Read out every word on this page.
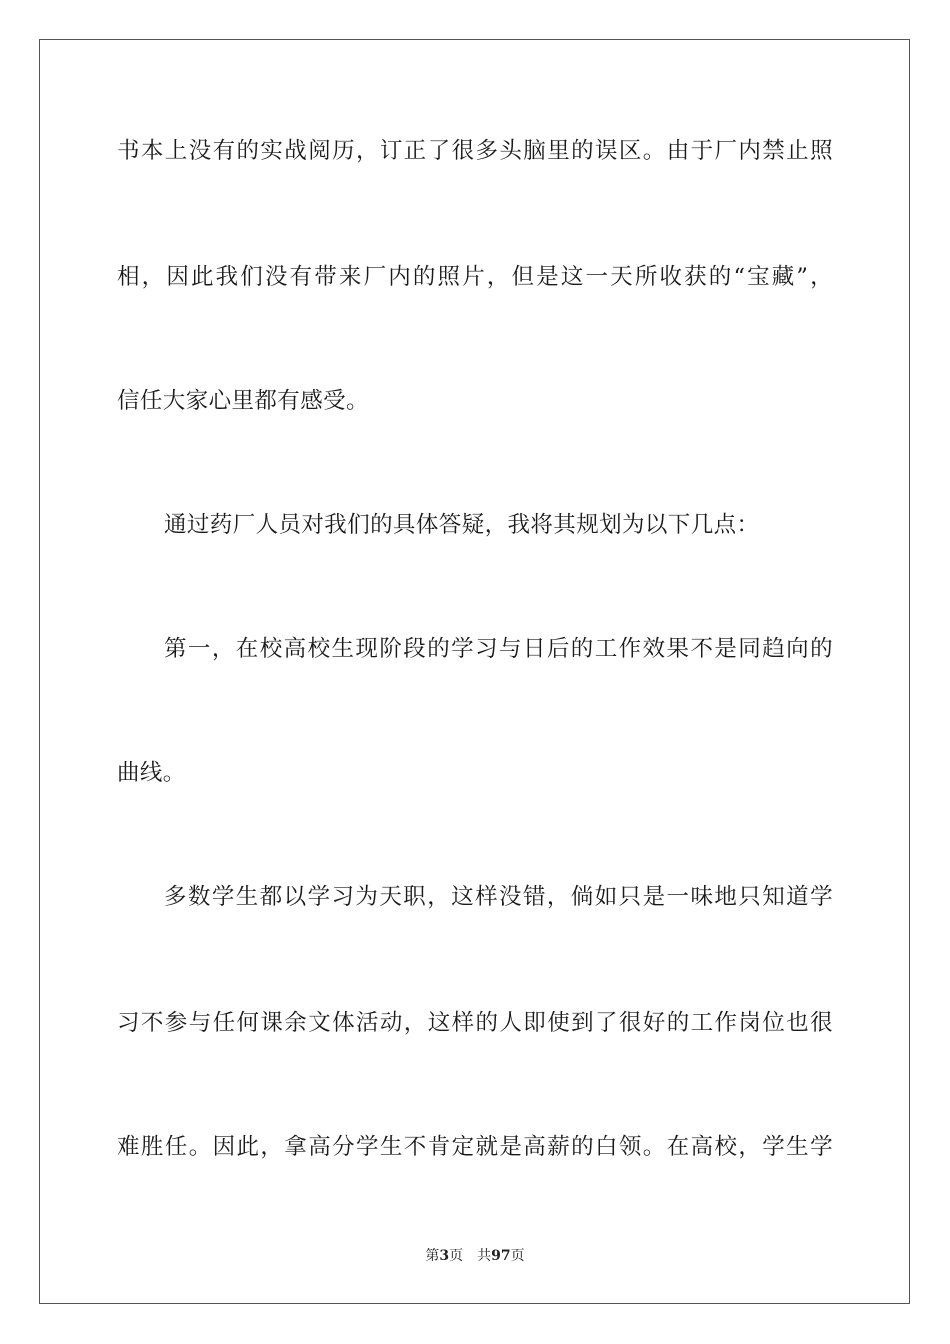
书本上没有的实战阅历，订正了很多头脑里的误区。由于厂内禁止照
相，因此我们没有带来厂内的照片，但是这一天所收获的“宝藏”，
信任大家心里都有感受。
通过药厂人员对我们的具体答疑，我将其规划为以下几点：
第一，在校高校生现阶段的学习与日后的工作效果不是同趋向的
曲线。
多数学生都以学习为天职，这样没错，倘如只是一味地只知道学
习不参与任何课余文体活动，这样的人即使到了很好的工作岗位也很
难胜任。因此，拿高分学生不肯定就是高薪的白领。在高校，学生学
第3页 共97页
